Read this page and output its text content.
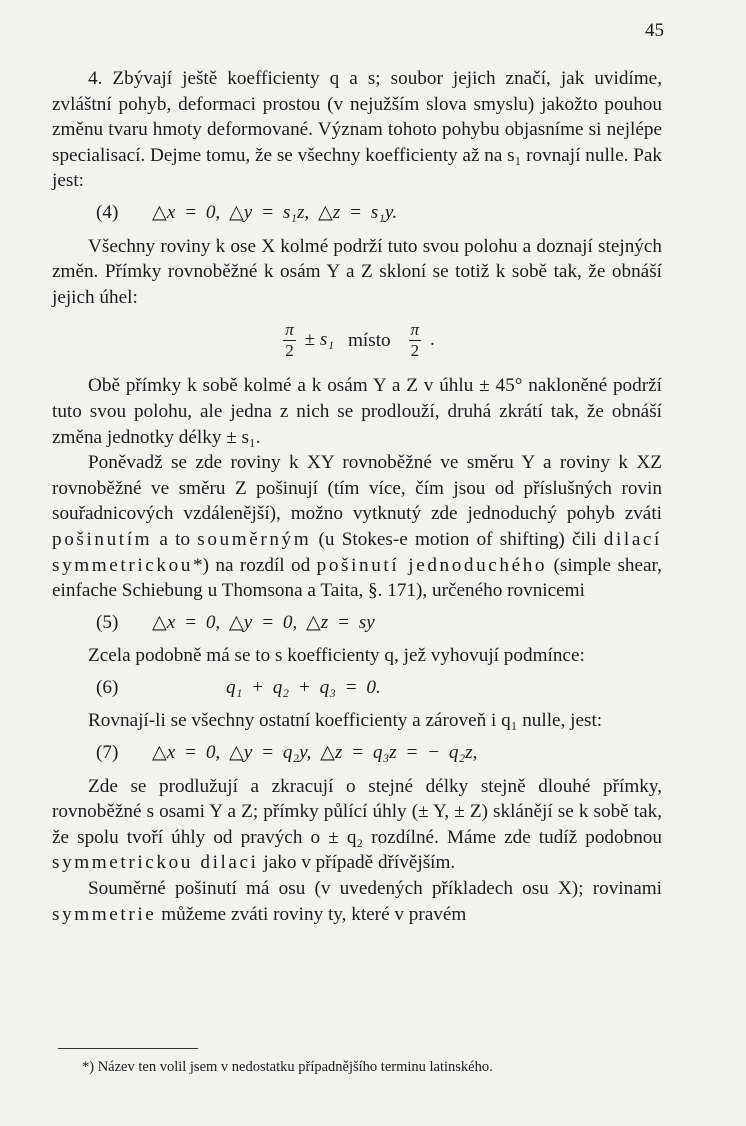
45

4. Zbývají ještě koefficienty q a s; soubor jejich značí, jak uvidíme, zvláštní pohyb, deformaci prostou (v nejužším slova smyslu) jakožto pouhou změnu tvaru hmoty deformované. Význam tohoto pohybu objasníme si nejlépe specialisací. Dejme tomu, že se všechny koefficienty až na s₁ rovnají nulle. Pak jest:

(4)	△x = 0, △y = s₁z, △z = s₁y.

Všechny roviny k ose X kolmé podrží tuto svou polohu a doznají stejných změn. Přímky rovnoběžné k osám Y a Z skloní se totiž k sobě tak, že obnáší jejich úhel:

$\frac{\pi}{2} \pm s_1$ místo $\frac{\pi}{2}$ .

Obě přímky k sobě kolmé a k osám Y a Z v úhlu ± 45° nakloněné podrží tuto svou polohu, ale jedna z nich se prodlouží, druhá zkrátí tak, že obnáší změna jednotky délky ± s₁.

Poněvadž se zde roviny k XY rovnoběžné ve směru Y a roviny k XZ rovnoběžné ve směru Z pošinují (tím více, čím jsou od příslušných rovin souřadnicových vzdálenější), možno vytknutý zde jednoduchý pohyb zváti pošinutím a to souměrným (u Stokes-e motion of shifting) čili dilací symmetrickou*) na rozdíl od pošinutí jednoduchého (simple shear, einfache Schiebung u Thomsona a Taita, §. 171), určeného rovnicemi

(5)	△x = 0, △y = 0, △z = sy

Zcela podobně má se to s koefficienty q, jež vyhovují podmínce:

(6)	q₁ + q₂ + q₃ = 0.

Rovnají-li se všechny ostatní koefficienty a zároveň i q₁ nulle, jest:

(7)	△x = 0, △y = q₂y, △z = q₃z = − q₂z,

Zde se prodlužují a zkracují o stejné délky stejně dlouhé přímky, rovnoběžné s osami Y a Z; přímky půlící úhly (± Y, ± Z) sklánějí se k sobě tak, že spolu tvoří úhly od pravých o ± q₂ rozdílné. Máme zde tudíž podobnou symmetrickou dilaci jako v případě dřívějším.

Souměrné pošinutí má osu (v uvedených příkladech osu X); rovinami symmetrie můžeme zváti roviny ty, které v pravém

*) Název ten volil jsem v nedostatku případnějšího terminu latinského.
